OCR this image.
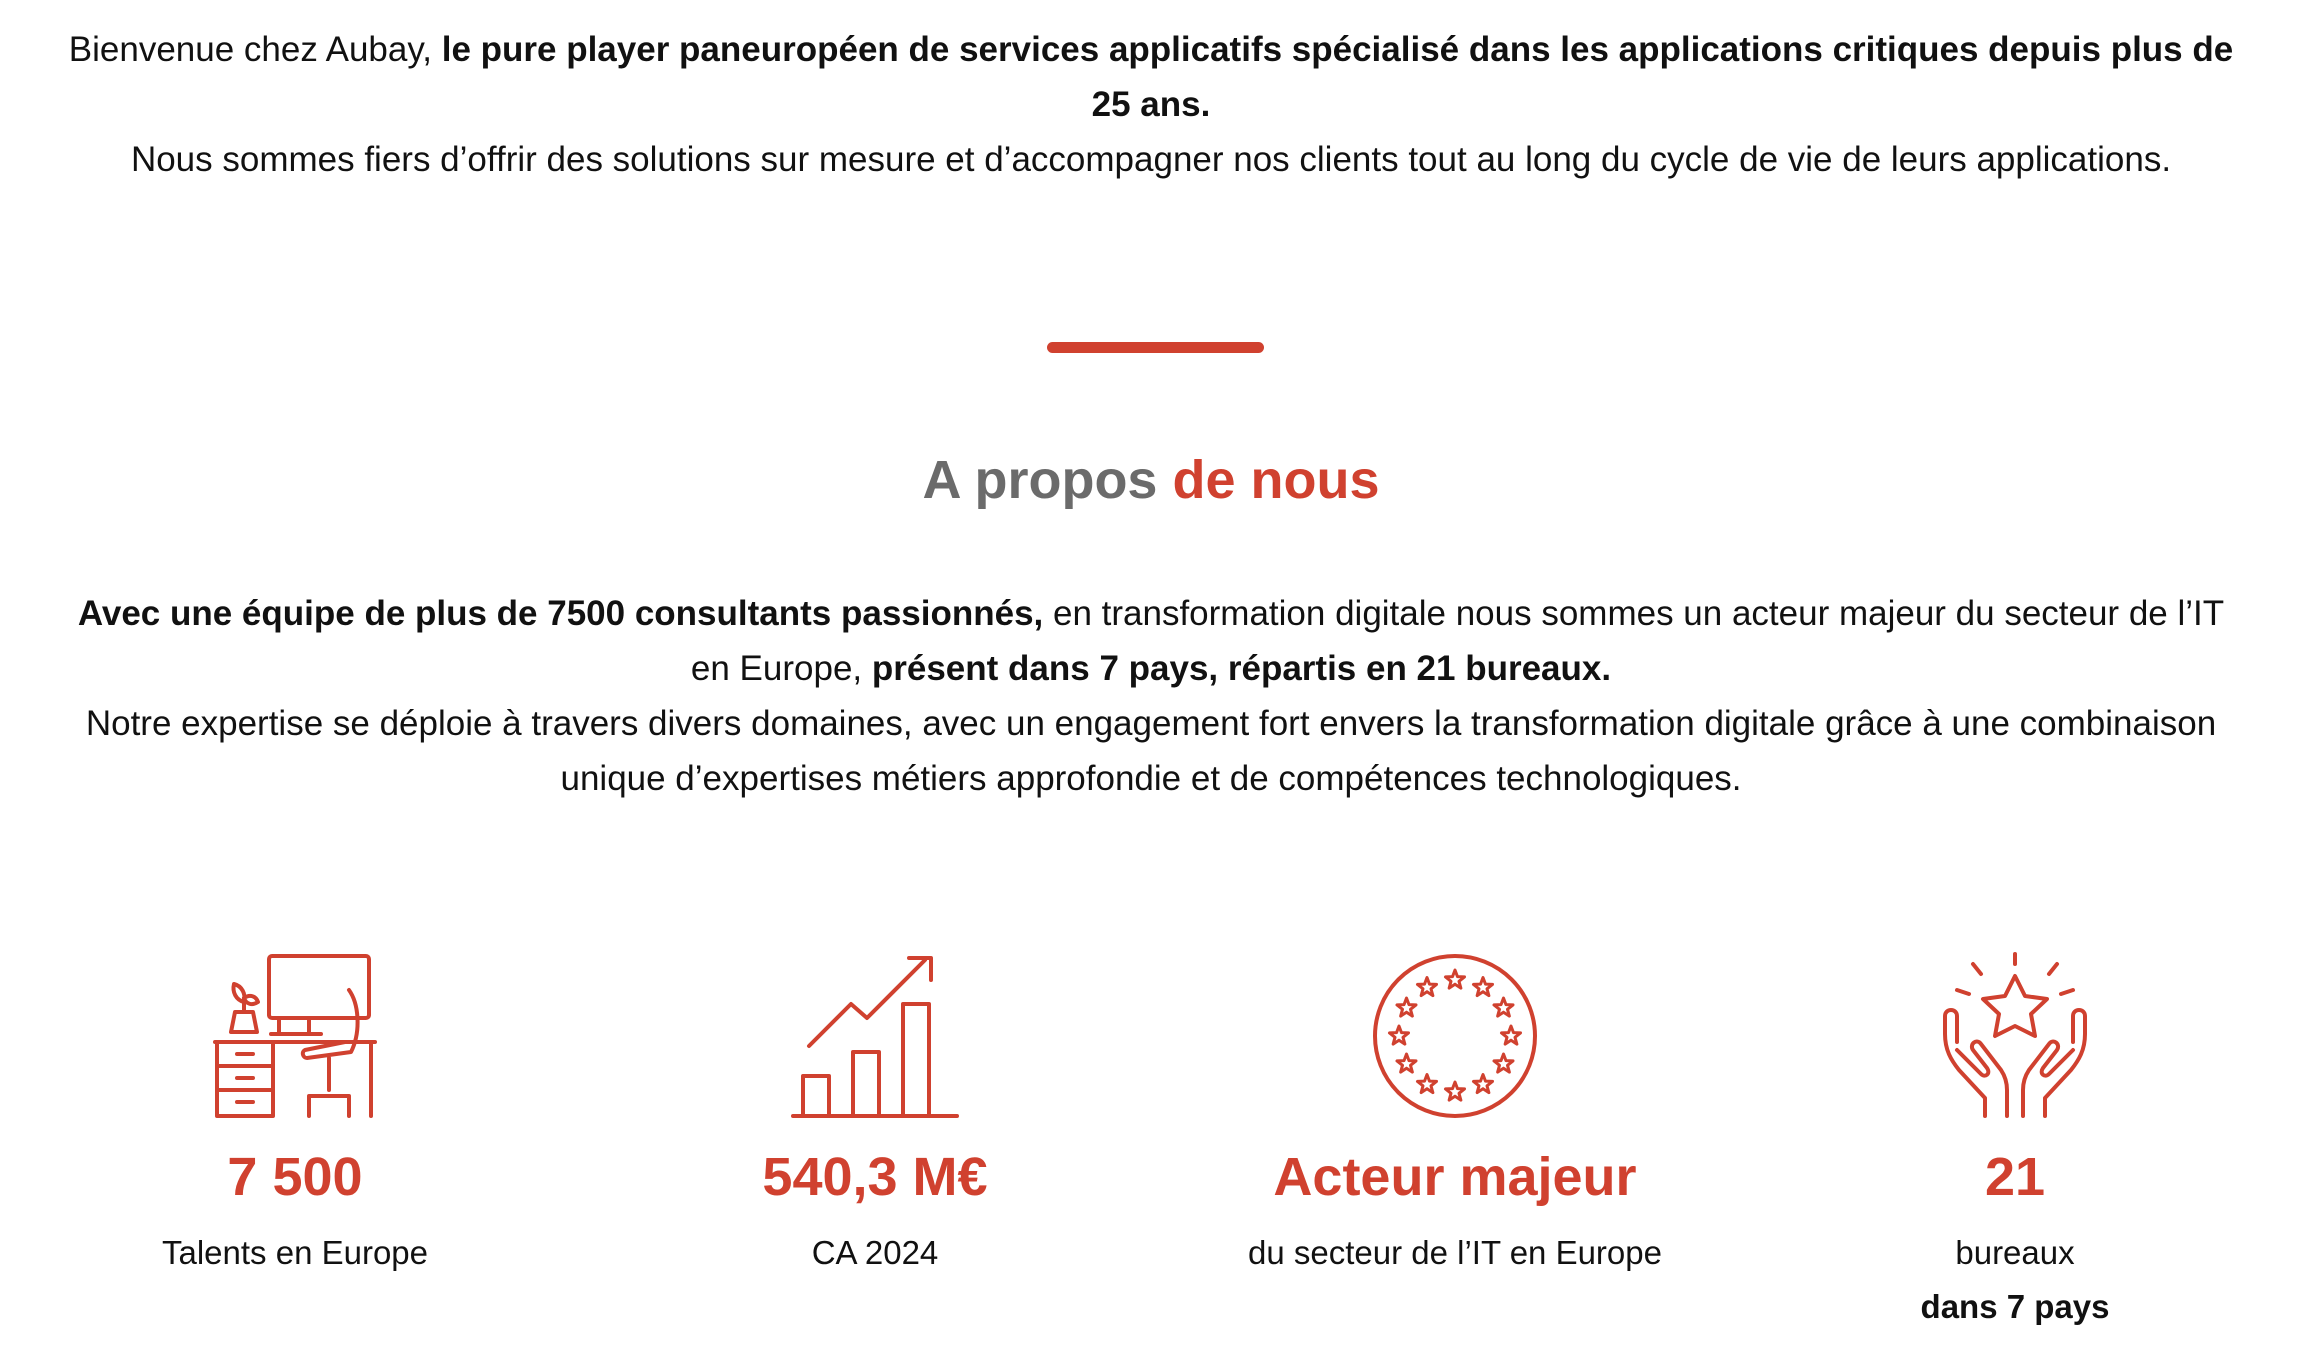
Bienvenue chez Aubay, le pure player paneuropéen de services applicatifs spécialisé dans les applications critiques depuis plus de 25 ans.

Nous sommes fiers d’offrir des solutions sur mesure et d’accompagner nos clients tout au long du cycle de vie de leurs applications.

A propos de nous

Avec une équipe de plus de 7500 consultants passionnés, en transformation digitale nous sommes un acteur majeur du secteur de l’IT en Europe, présent dans 7 pays, répartis en 21 bureaux.

Notre expertise se déploie à travers divers domaines, avec un engagement fort envers la transformation digitale grâce à une combinaison unique d’expertises métiers approfondie et de compétences technologiques.

7 500
Talents en Europe
540,3 M€
CA 2024
Acteur majeur
du secteur de l’IT en Europe
21
bureaux
dans 7 pays
